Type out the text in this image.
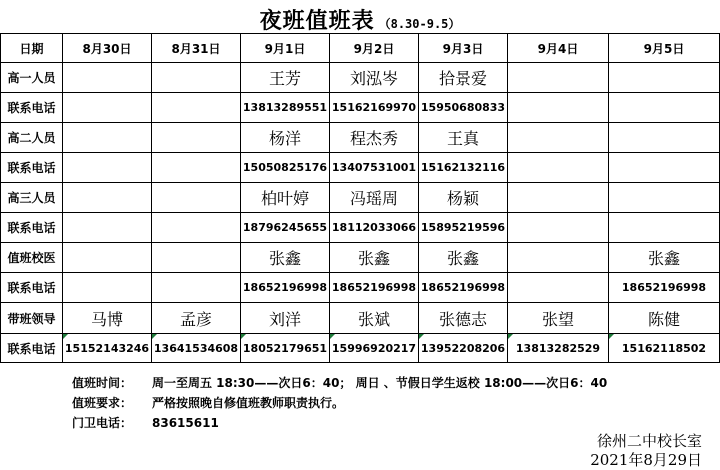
夜班值班表 （8.30-9.5）
日期	8月30日	8月31日	9月1日	9月2日	9月3日	9月4日	9月5日
高一人员			王芳	刘泓岑	拾景爱		
联系电话			13813289551	15162169970	15950680833		
高二人员			杨洋	程杰秀	王真		
联系电话			15050825176	13407531001	15162132116		
高三人员			柏叶婷	冯瑶周	杨颖		
联系电话			18796245655	18112033066	15895219596		
值班校医			张鑫	张鑫	张鑫		张鑫
联系电话			18652196998	18652196998	18652196998		18652196998
带班领导	马博	孟彦	刘洋	张斌	张德志	张望	陈健
联系电话	15152143246	13641534608	18052179651	15996920217	13952208206	13813282529	15162118502
值班时间： 周一至周五 18:30——次日6：40； 周日 、节假日学生返校 18:00——次日6：40
值班要求： 严格按照晚自修值班教师职责执行。
门卫电话： 83615611
徐州二中校长室
2021年8月29日
